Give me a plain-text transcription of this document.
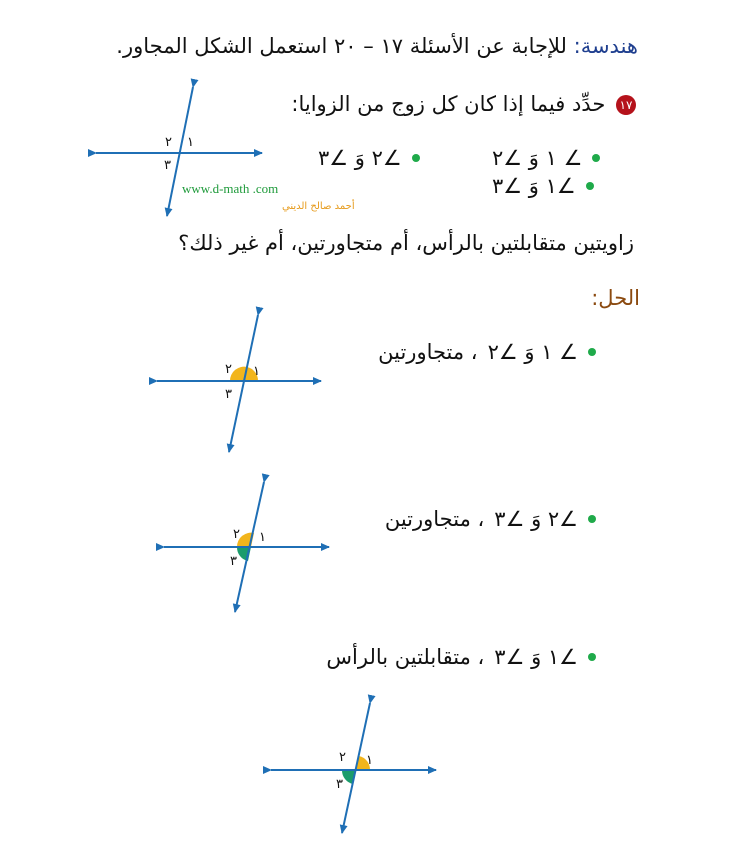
هندسة: للإجابة عن الأسئلة ١٧ – ٢٠ استعمل الشكل المجاور.
١٧ حدِّد فيما إذا كان كل زوج من الزوايا:
∠ ١ وَ ∠٢
∠٢ وَ ∠٣
∠١ وَ ∠٣
١
٢
٣
www.d-math .com
أحمد صالح الديني
زاويتين متقابلتين بالرأس، أم متجاورتين، أم غير ذلك؟
الحل:
∠ ١ وَ ∠٢
، متجاورتين
∠٢ وَ ∠٣
، متجاورتين
∠١ وَ ∠٣
، متقابلتين بالرأس
١
٢
٣
١
٢
٣
١
٢
٣
